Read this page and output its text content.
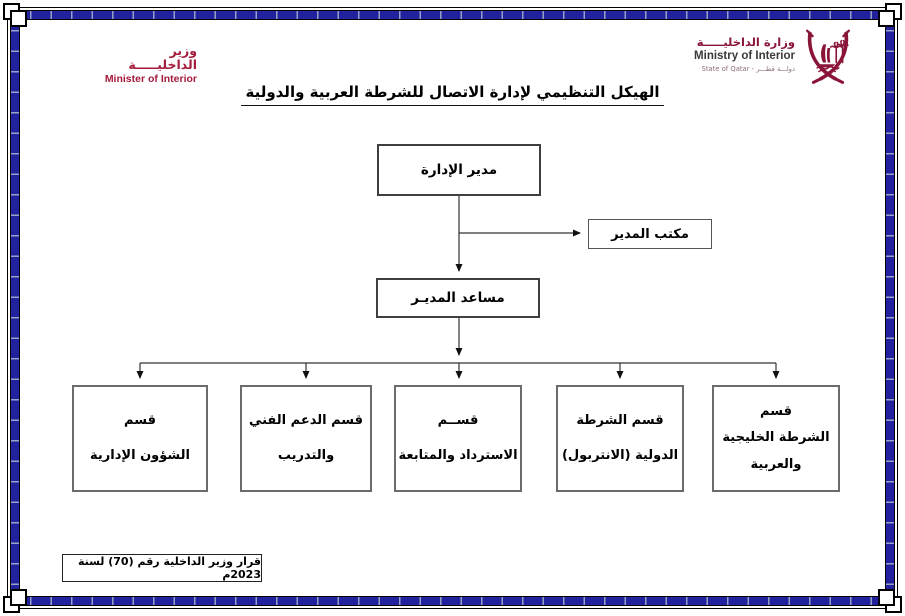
وزير الداخليـــــة
Minister of Interior
وزارة الداخليـــــة
Ministry of Interior
دولـــة قطـــر - State of Qatar
الهيكل التنظيمي لإدارة الاتصال للشرطة العربية والدولية
مدير الإدارة
مكتب المدير
مساعد المديـر
قسم
الشؤون الإدارية
قسم الدعم الفني
والتدريب
قســم
الاسترداد والمتابعة
قسم الشرطة
الدولية (الانتربول)
قسم
الشرطة الخليجية
والعربية
قرار وزير الداخلية رقم (70) لسنة 2023م
